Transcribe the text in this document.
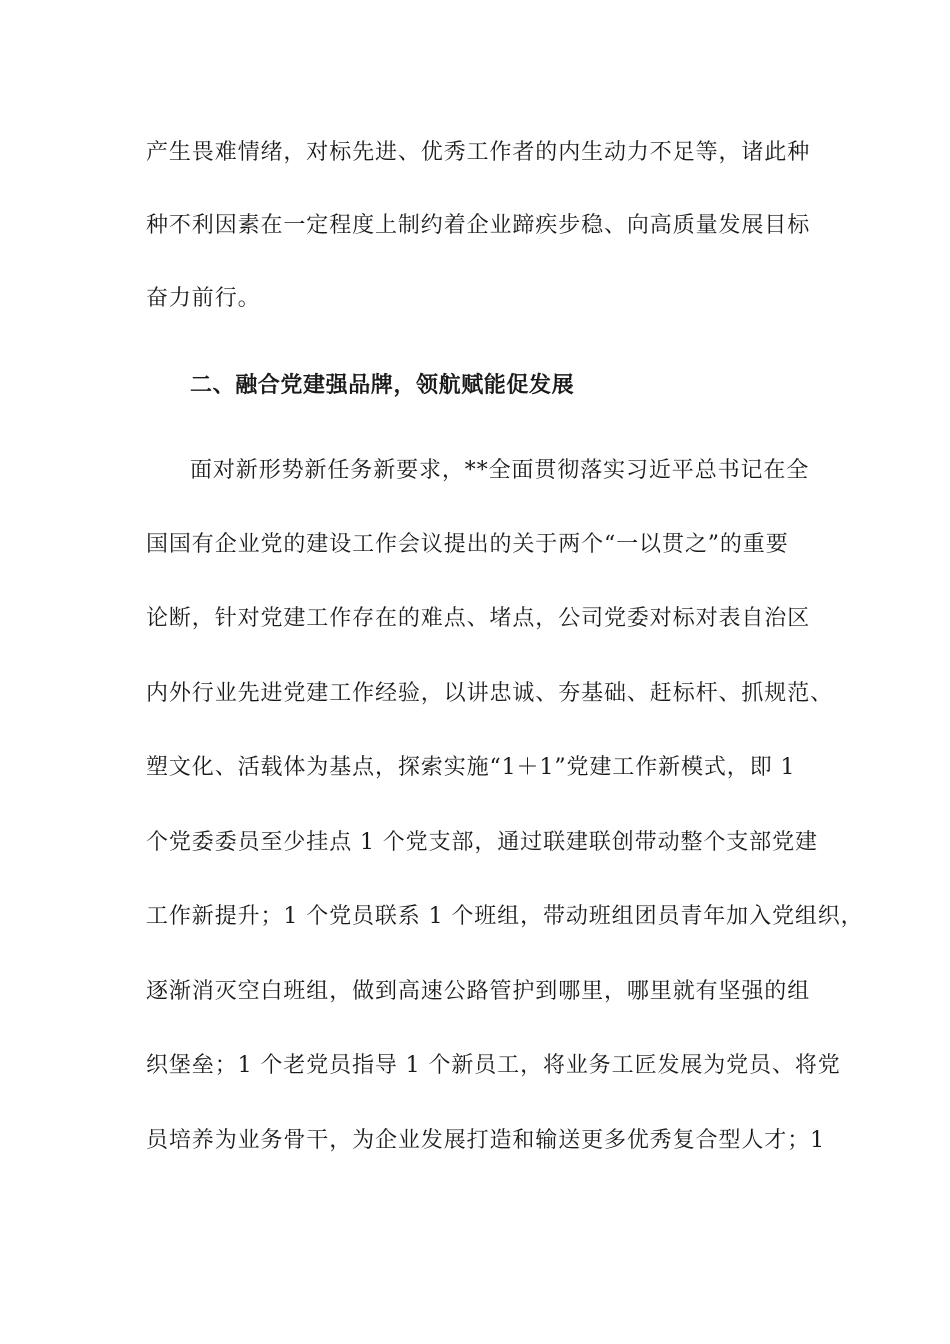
产生畏难情绪，对标先进、优秀工作者的内生动力不足等，诸此种
种不利因素在一定程度上制约着企业蹄疾步稳、向高质量发展目标
奋力前行。
二、融合党建强品牌，领航赋能促发展
面对新形势新任务新要求，**全面贯彻落实习近平总书记在全
国国有企业党的建设工作会议提出的关于两个“一以贯之”的重要
论断，针对党建工作存在的难点、堵点，公司党委对标对表自治区
内外行业先进党建工作经验，以讲忠诚、夯基础、赶标杆、抓规范、
塑文化、活载体为基点，探索实施“1＋1”党建工作新模式，即 1
个党委委员至少挂点 1 个党支部，通过联建联创带动整个支部党建
工作新提升；1 个党员联系 1 个班组，带动班组团员青年加入党组织，
逐渐消灭空白班组，做到高速公路管护到哪里，哪里就有坚强的组
织堡垒；1 个老党员指导 1 个新员工，将业务工匠发展为党员、将党
员培养为业务骨干，为企业发展打造和输送更多优秀复合型人才；1
